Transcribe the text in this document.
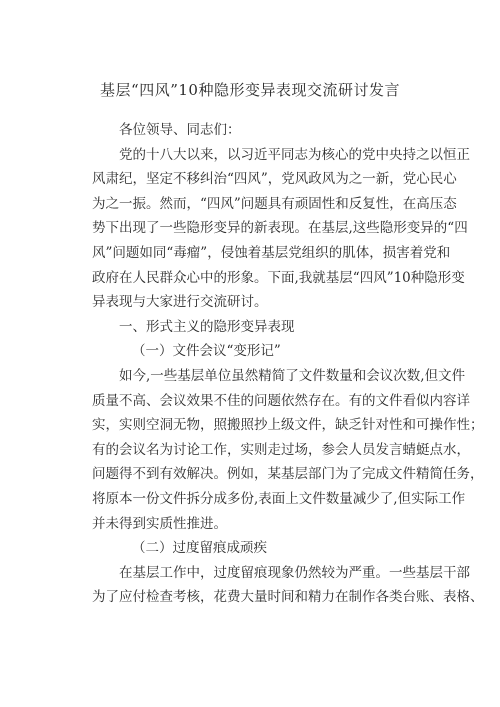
基层“四风”10种隐形变异表现交流研讨发言
各位领导、同志们：
党的十八大以来，以习近平同志为核心的党中央持之以恒正
风肃纪，坚定不移纠治“四风”，党风政风为之一新，党心民心
为之一振。然而，“四风”问题具有顽固性和反复性，在高压态
势下出现了一些隐形变异的新表现。在基层,这些隐形变异的“四
风”问题如同“毒瘤”，侵蚀着基层党组织的肌体，损害着党和
政府在人民群众心中的形象。下面,我就基层“四风”10种隐形变
异表现与大家进行交流研讨。
一、形式主义的隐形变异表现
（一）文件会议“变形记”
如今,一些基层单位虽然精简了文件数量和会议次数,但文件
质量不高、会议效果不佳的问题依然存在。有的文件看似内容详
实，实则空洞无物，照搬照抄上级文件，缺乏针对性和可操作性；
有的会议名为讨论工作，实则走过场，参会人员发言蜻蜓点水，
问题得不到有效解决。例如，某基层部门为了完成文件精简任务，
将原本一份文件拆分成多份,表面上文件数量减少了,但实际工作
并未得到实质性推进。
（二）过度留痕成顽疾
在基层工作中，过度留痕现象仍然较为严重。一些基层干部
为了应付检查考核，花费大量时间和精力在制作各类台账、表格、
